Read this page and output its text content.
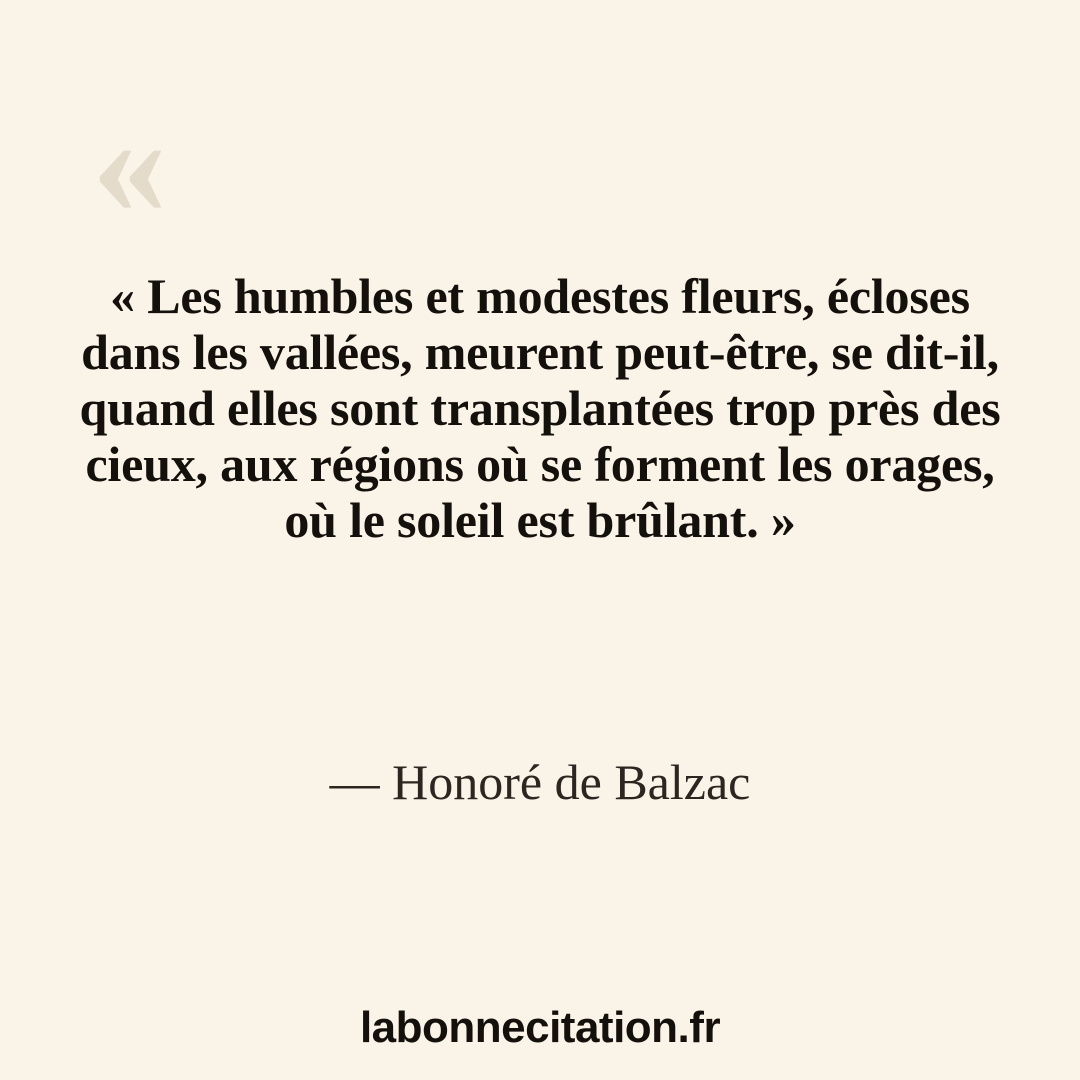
«

« Les humbles et modestes fleurs, écloses dans les vallées, meurent peut-être, se dit-il, quand elles sont transplantées trop près des cieux, aux régions où se forment les orages, où le soleil est brûlant. »

— Honoré de Balzac

labonnecitation.fr
